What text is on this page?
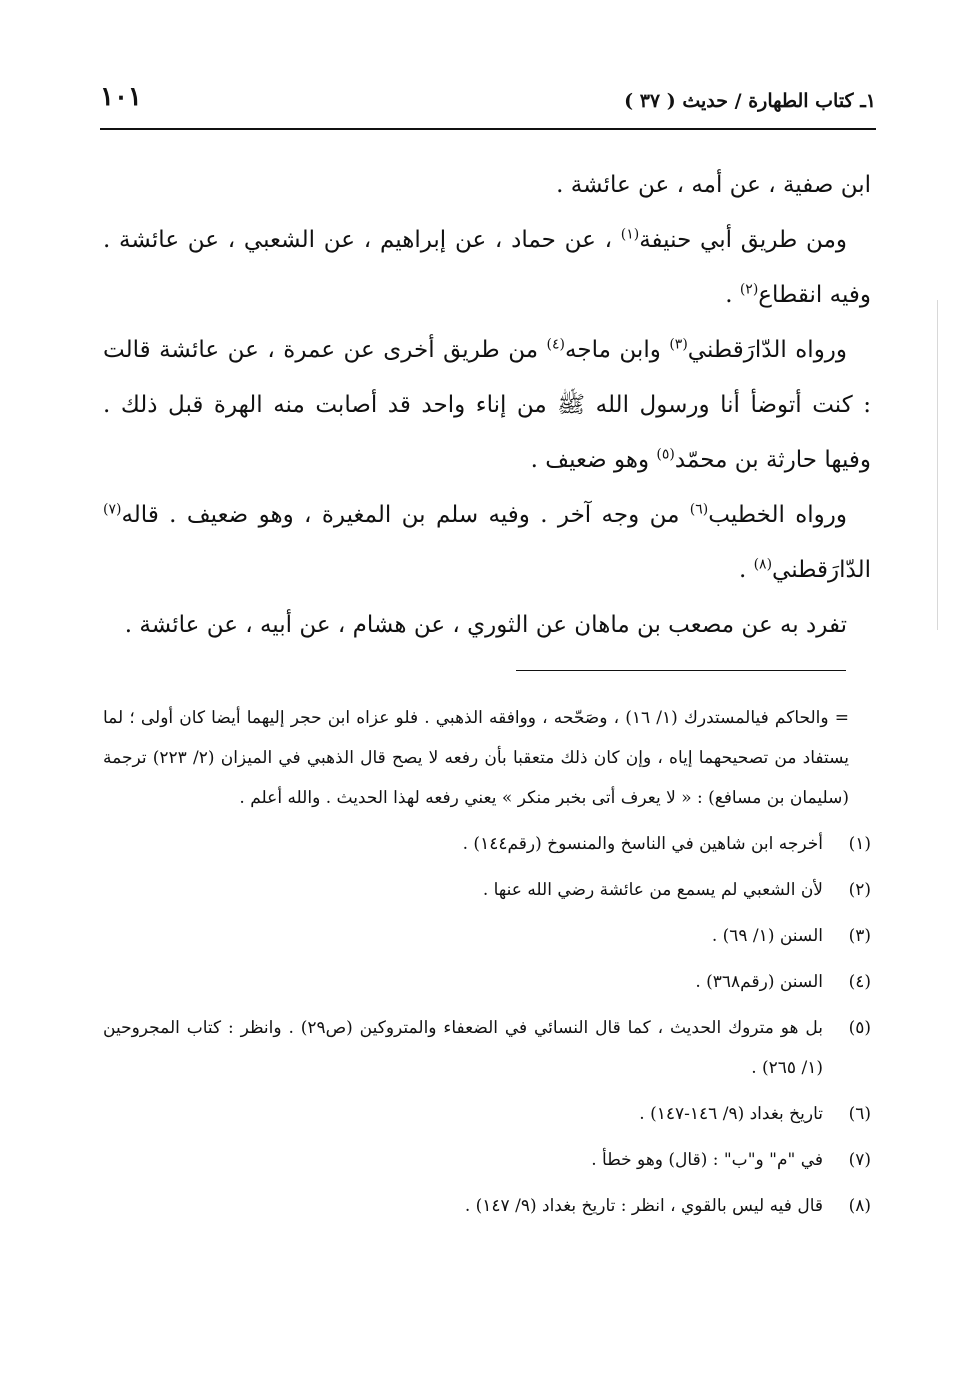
١ـ كتاب الطهارة / حديث ( ٣٧ )
١٠١

ابن صفية ، عن أمه ، عن عائشة .

ومن طريق أبي حنيفة$^{(١)}$ ، عن حماد ، عن إبراهيم ، عن الشعبي ، عن عائشة . وفيه انقطاع$^{(٢)}$ .

ورواه الدّارَقطني$^{(٣)}$ وابن ماجه$^{(٤)}$ من طريق أخرى عن عمرة ، عن عائشة قالت : كنت أتوضأ أنا ورسول الله ﷺ من إناء واحد قد أصابت منه الهرة قبل ذلك . وفيها حارثة بن محمّد$^{(٥)}$ وهو ضعيف .

ورواه الخطيب$^{(٦)}$ من وجه آخر . وفيه سلم بن المغيرة ، وهو ضعيف . قاله$^{(٧)}$ الدّارَقطني$^{(٨)}$ .

تفرد به عن مصعب بن ماهان عن الثوري ، عن هشام ، عن أبيه ، عن عائشة .

= والحاكم فيالمستدرك (١/ ١٦) ، وصَحّحه ، ووافقه الذهبي . فلو عزاه ابن حجر إليهما أيضا كان أولى ؛ لما يستفاد من تصحيحهما إياه ، وإن كان ذلك متعقبا بأن رفعه لا يصح قال الذهبي في الميزان (٢/ ٢٢٣) ترجمة (سليمان بن مسافع) : « لا يعرف أتى بخبر منكر » يعني رفعه لهذا الحديث . والله أعلم .
(١)
أخرجه ابن شاهين في الناسخ والمنسوخ (رقم١٤٤) .
(٢)
لأن الشعبي لم يسمع من عائشة رضي الله عنها .
(٣)
السنن (١/ ٦٩) .
(٤)
السنن (رقم٣٦٨) .
(٥)
بل هو متروك الحديث ، كما قال النسائي في الضعفاء والمتروكين (ص٢٩) . وانظر : كتاب المجروحين (١/ ٢٦٥) .
(٦)
تاريخ بغداد (٩/ ١٤٦-١٤٧) .
(٧)
في "م" و"ب" : (قال) وهو خطأ .
(٨)
قال فيه ليس بالقوي ، انظر : تاريخ بغداد (٩/ ١٤٧) .
